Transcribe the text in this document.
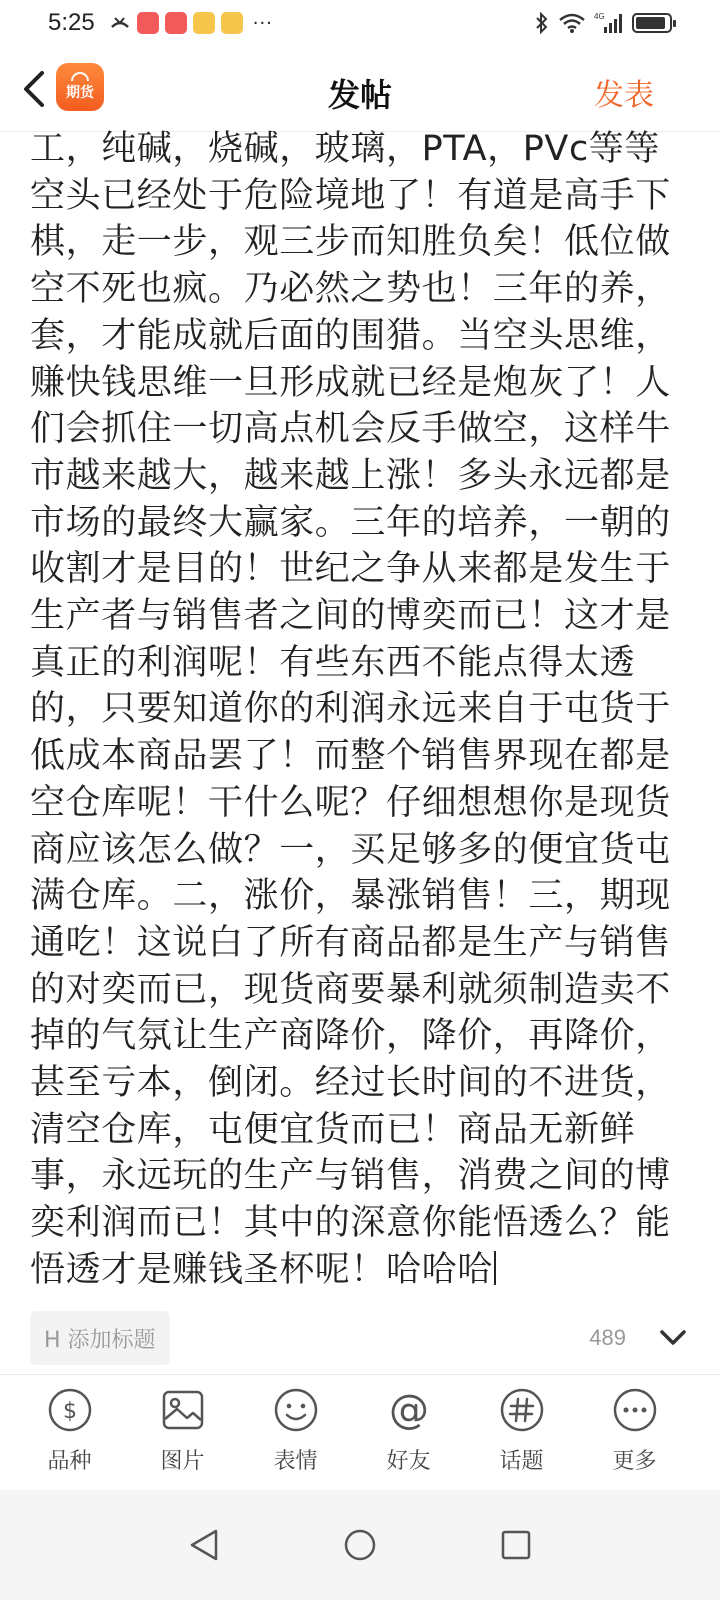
5:25	···	4G
期货	发帖	发表
工，纯碱，烧碱，玻璃，PTA，PVc等等空头已经处于危险境地了！有道是高手下棋，走一步，观三步而知胜负矣！低位做空不死也疯。乃必然之势也！三年的养，套，才能成就后面的围猎。当空头思维，赚快钱思维一旦形成就已经是炮灰了！人们会抓住一切高点机会反手做空，这样牛市越来越大，越来越上涨！多头永远都是市场的最终大赢家。三年的培养，一朝的收割才是目的！世纪之争从来都是发生于生产者与销售者之间的博奕而已！这才是真正的利润呢！有些东西不能点得太透的，只要知道你的利润永远来自于屯货于低成本商品罢了！而整个销售界现在都是空仓库呢！干什么呢？仔细想想你是现货商应该怎么做？一，买足够多的便宜货屯满仓库。二，涨价，暴涨销售！三，期现通吃！这说白了所有商品都是生产与销售的对奕而已，现货商要暴利就须制造卖不掉的气氛让生产商降价，降价，再降价，甚至亏本，倒闭。经过长时间的不进货，清空仓库，屯便宜货而已！商品无新鲜事，永远玩的生产与销售，消费之间的博奕利润而已！其中的深意你能悟透么？能悟透才是赚钱圣杯呢！哈哈哈
H 添加标题	489
$
品种	图片	表情
@
好友	话题	更多
